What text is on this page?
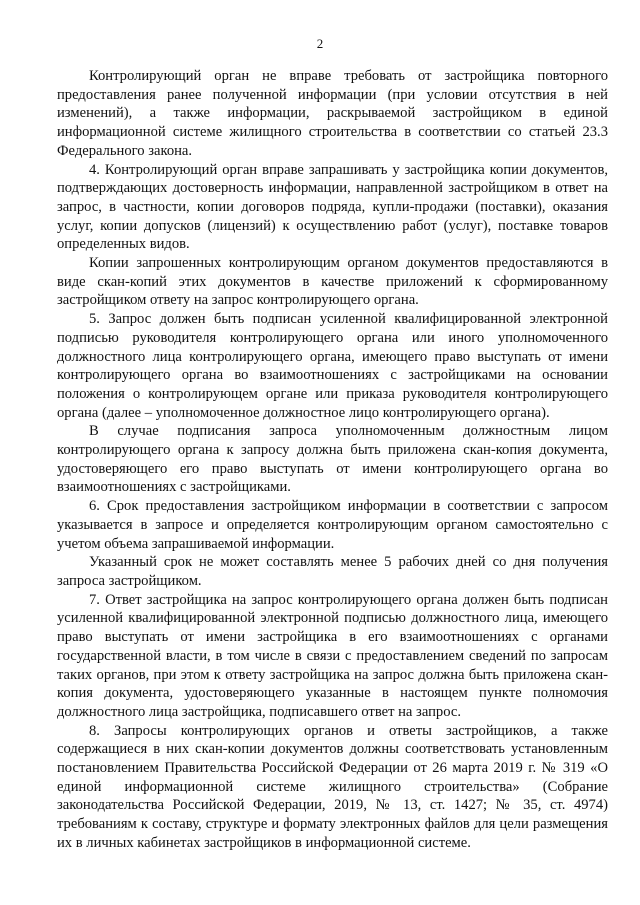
2

Контролирующий орган не вправе требовать от застройщика повторного предоставления ранее полученной информации (при условии отсутствия в ней изменений), а также информации, раскрываемой застройщиком в единой информационной системе жилищного строительства в соответствии со статьей 23.3 Федерального закона.

4. Контролирующий орган вправе запрашивать у застройщика копии документов, подтверждающих достоверность информации, направленной застройщиком в ответ на запрос, в частности, копии договоров подряда, купли-продажи (поставки), оказания услуг, копии допусков (лицензий) к осуществлению работ (услуг), поставке товаров определенных видов.

Копии запрошенных контролирующим органом документов предоставляются в виде скан-копий этих документов в качестве приложений к сформированному застройщиком ответу на запрос контролирующего органа.

5. Запрос должен быть подписан усиленной квалифицированной электронной подписью руководителя контролирующего органа или иного уполномоченного должностного лица контролирующего органа, имеющего право выступать от имени контролирующего органа во взаимоотношениях с застройщиками на основании положения о контролирующем органе или приказа руководителя контролирующего органа (далее – уполномоченное должностное лицо контролирующего органа).

В случае подписания запроса уполномоченным должностным лицом контролирующего органа к запросу должна быть приложена скан-копия документа, удостоверяющего его право выступать от имени контролирующего органа во взаимоотношениях с застройщиками.

6. Срок предоставления застройщиком информации в соответствии с запросом указывается в запросе и определяется контролирующим органом самостоятельно с учетом объема запрашиваемой информации.

Указанный срок не может составлять менее 5 рабочих дней со дня получения запроса застройщиком.

7. Ответ застройщика на запрос контролирующего органа должен быть подписан усиленной квалифицированной электронной подписью должностного лица, имеющего право выступать от имени застройщика в его взаимоотношениях с органами государственной власти, в том числе в связи с предоставлением сведений по запросам таких органов, при этом к ответу застройщика на запрос должна быть приложена скан-копия документа, удостоверяющего указанные в настоящем пункте полномочия должностного лица застройщика, подписавшего ответ на запрос.

8. Запросы контролирующих органов и ответы застройщиков, а также содержащиеся в них скан-копии документов должны соответствовать установленным постановлением Правительства Российской Федерации от 26 марта 2019 г. № 319 «О единой информационной системе жилищного строительства» (Собрание законодательства Российской Федерации, 2019, № 13, ст. 1427; № 35, ст. 4974) требованиям к составу, структуре и формату электронных файлов для цели размещения их в личных кабинетах застройщиков в информационной системе.
